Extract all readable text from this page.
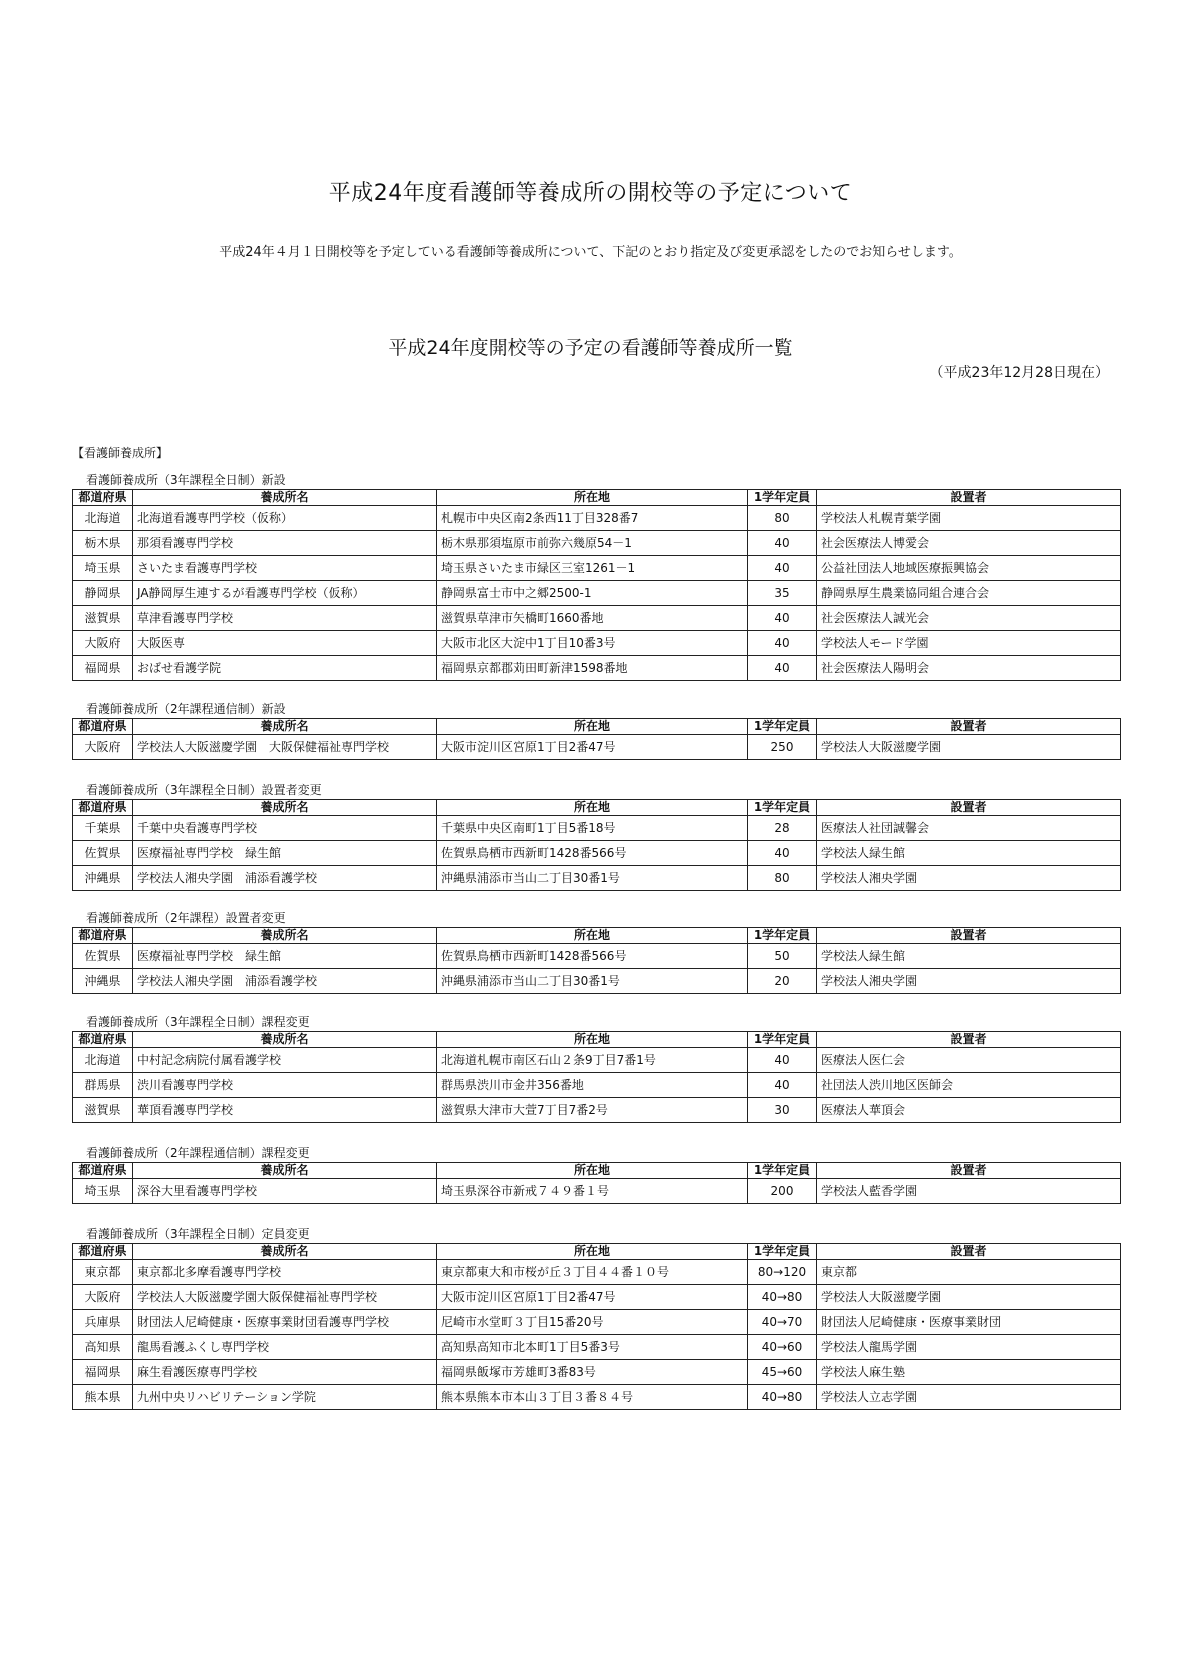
平成24年度看護師等養成所の開校等の予定について
平成24年４月１日開校等を予定している看護師等養成所について、下記のとおり指定及び変更承認をしたのでお知らせします。
平成24年度開校等の予定の看護師等養成所一覧
（平成23年12月28日現在）
【看護師養成所】
看護師養成所（3年課程全日制）新設
都道府県	養成所名	所在地	1学年定員	設置者
北海道	北海道看護専門学校（仮称）	札幌市中央区南2条西11丁目328番7	80	学校法人札幌青葉学園
栃木県	那須看護専門学校	栃木県那須塩原市前弥六幾原54－1	40	社会医療法人博愛会
埼玉県	さいたま看護専門学校	埼玉県さいたま市緑区三室1261－1	40	公益社団法人地域医療振興協会
静岡県	JA静岡厚生連するが看護専門学校（仮称）	静岡県富士市中之郷2500-1	35	静岡県厚生農業協同組合連合会
滋賀県	草津看護専門学校	滋賀県草津市矢橋町1660番地	40	社会医療法人誠光会
大阪府	大阪医専	大阪市北区大淀中1丁目10番3号	40	学校法人モード学園
福岡県	おばせ看護学院	福岡県京都郡苅田町新津1598番地	40	社会医療法人陽明会
看護師養成所（2年課程通信制）新設
都道府県	養成所名	所在地	1学年定員	設置者
大阪府	学校法人大阪滋慶学園　大阪保健福祉専門学校	大阪市淀川区宮原1丁目2番47号	250	学校法人大阪滋慶学園
看護師養成所（3年課程全日制）設置者変更
都道府県	養成所名	所在地	1学年定員	設置者
千葉県	千葉中央看護専門学校	千葉県中央区南町1丁目5番18号	28	医療法人社団誠馨会
佐賀県	医療福祉専門学校　緑生館	佐賀県鳥栖市西新町1428番566号	40	学校法人緑生館
沖縄県	学校法人湘央学園　浦添看護学校	沖縄県浦添市当山二丁目30番1号	80	学校法人湘央学園
看護師養成所（2年課程）設置者変更
都道府県	養成所名	所在地	1学年定員	設置者
佐賀県	医療福祉専門学校　緑生館	佐賀県鳥栖市西新町1428番566号	50	学校法人緑生館
沖縄県	学校法人湘央学園　浦添看護学校	沖縄県浦添市当山二丁目30番1号	20	学校法人湘央学園
看護師養成所（3年課程全日制）課程変更
都道府県	養成所名	所在地	1学年定員	設置者
北海道	中村記念病院付属看護学校	北海道札幌市南区石山２条9丁目7番1号	40	医療法人医仁会
群馬県	渋川看護専門学校	群馬県渋川市金井356番地	40	社団法人渋川地区医師会
滋賀県	華頂看護専門学校	滋賀県大津市大萱7丁目7番2号	30	医療法人華頂会
看護師養成所（2年課程通信制）課程変更
都道府県	養成所名	所在地	1学年定員	設置者
埼玉県	深谷大里看護専門学校	埼玉県深谷市新戒７４９番１号	200	学校法人藍香学園
看護師養成所（3年課程全日制）定員変更
都道府県	養成所名	所在地	1学年定員	設置者
東京都	東京都北多摩看護専門学校	東京都東大和市桜が丘３丁目４４番１０号	80→120	東京都
大阪府	学校法人大阪滋慶学園大阪保健福祉専門学校	大阪市淀川区宮原1丁目2番47号	40→80	学校法人大阪滋慶学園
兵庫県	財団法人尼崎健康・医療事業財団看護専門学校	尼崎市水堂町３丁目15番20号	40→70	財団法人尼崎健康・医療事業財団
高知県	龍馬看護ふくし専門学校	高知県高知市北本町1丁目5番3号	40→60	学校法人龍馬学園
福岡県	麻生看護医療専門学校	福岡県飯塚市芳雄町3番83号	45→60	学校法人麻生塾
熊本県	九州中央リハビリテーション学院	熊本県熊本市本山３丁目３番８４号	40→80	学校法人立志学園
